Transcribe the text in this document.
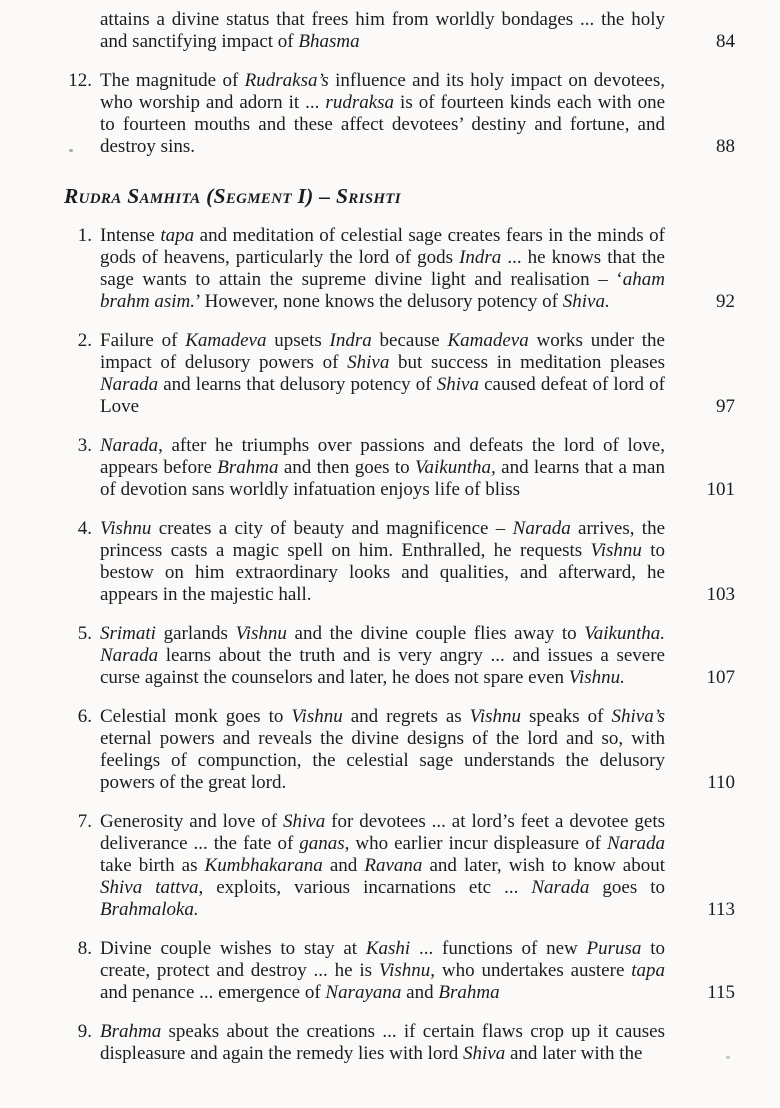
attains a divine status that frees him from worldly bondages ... the holy and sanctifying impact of Bhasma	84
12. The magnitude of Rudraksa’s influence and its holy impact on devotees, who worship and adorn it ... rudraksa is of fourteen kinds each with one to fourteen mouths and these affect devotees’ destiny and fortune, and destroy sins.	88
Rudra Samhita (Segment I) – Srishti
1. Intense tapa and meditation of celestial sage creates fears in the minds of gods of heavens, particularly the lord of gods Indra ... he knows that the sage wants to attain the supreme divine light and realisation – ‘aham brahm asim.’ However, none knows the delusory potency of Shiva.	92
2. Failure of Kamadeva upsets Indra because Kamadeva works under the impact of delusory powers of Shiva but success in meditation pleases Narada and learns that delusory potency of Shiva caused defeat of lord of Love	97
3. Narada, after he triumphs over passions and defeats the lord of love, appears before Brahma and then goes to Vaikuntha, and learns that a man of devotion sans worldly infatuation enjoys life of bliss	101
4. Vishnu creates a city of beauty and magnificence – Narada arrives, the princess casts a magic spell on him. Enthralled, he requests Vishnu to bestow on him extraordinary looks and qualities, and afterward, he appears in the majestic hall.	103
5. Srimati garlands Vishnu and the divine couple flies away to Vaikuntha. Narada learns about the truth and is very angry ... and issues a severe curse against the counselors and later, he does not spare even Vishnu.	107
6. Celestial monk goes to Vishnu and regrets as Vishnu speaks of Shiva’s eternal powers and reveals the divine designs of the lord and so, with feelings of compunction, the celestial sage understands the delusory powers of the great lord.	110
7. Generosity and love of Shiva for devotees ... at lord’s feet a devotee gets deliverance ... the fate of ganas, who earlier incur displeasure of Narada take birth as Kumbhakarana and Ravana and later, wish to know about Shiva tattva, exploits, various incarnations etc ... Narada goes to Brahmaloka.	113
8. Divine couple wishes to stay at Kashi ... functions of new Purusa to create, protect and destroy ... he is Vishnu, who undertakes austere tapa and penance ... emergence of Narayana and Brahma	115
9. Brahma speaks about the creations ... if certain flaws crop up it causes displeasure and again the remedy lies with lord Shiva and later with the
